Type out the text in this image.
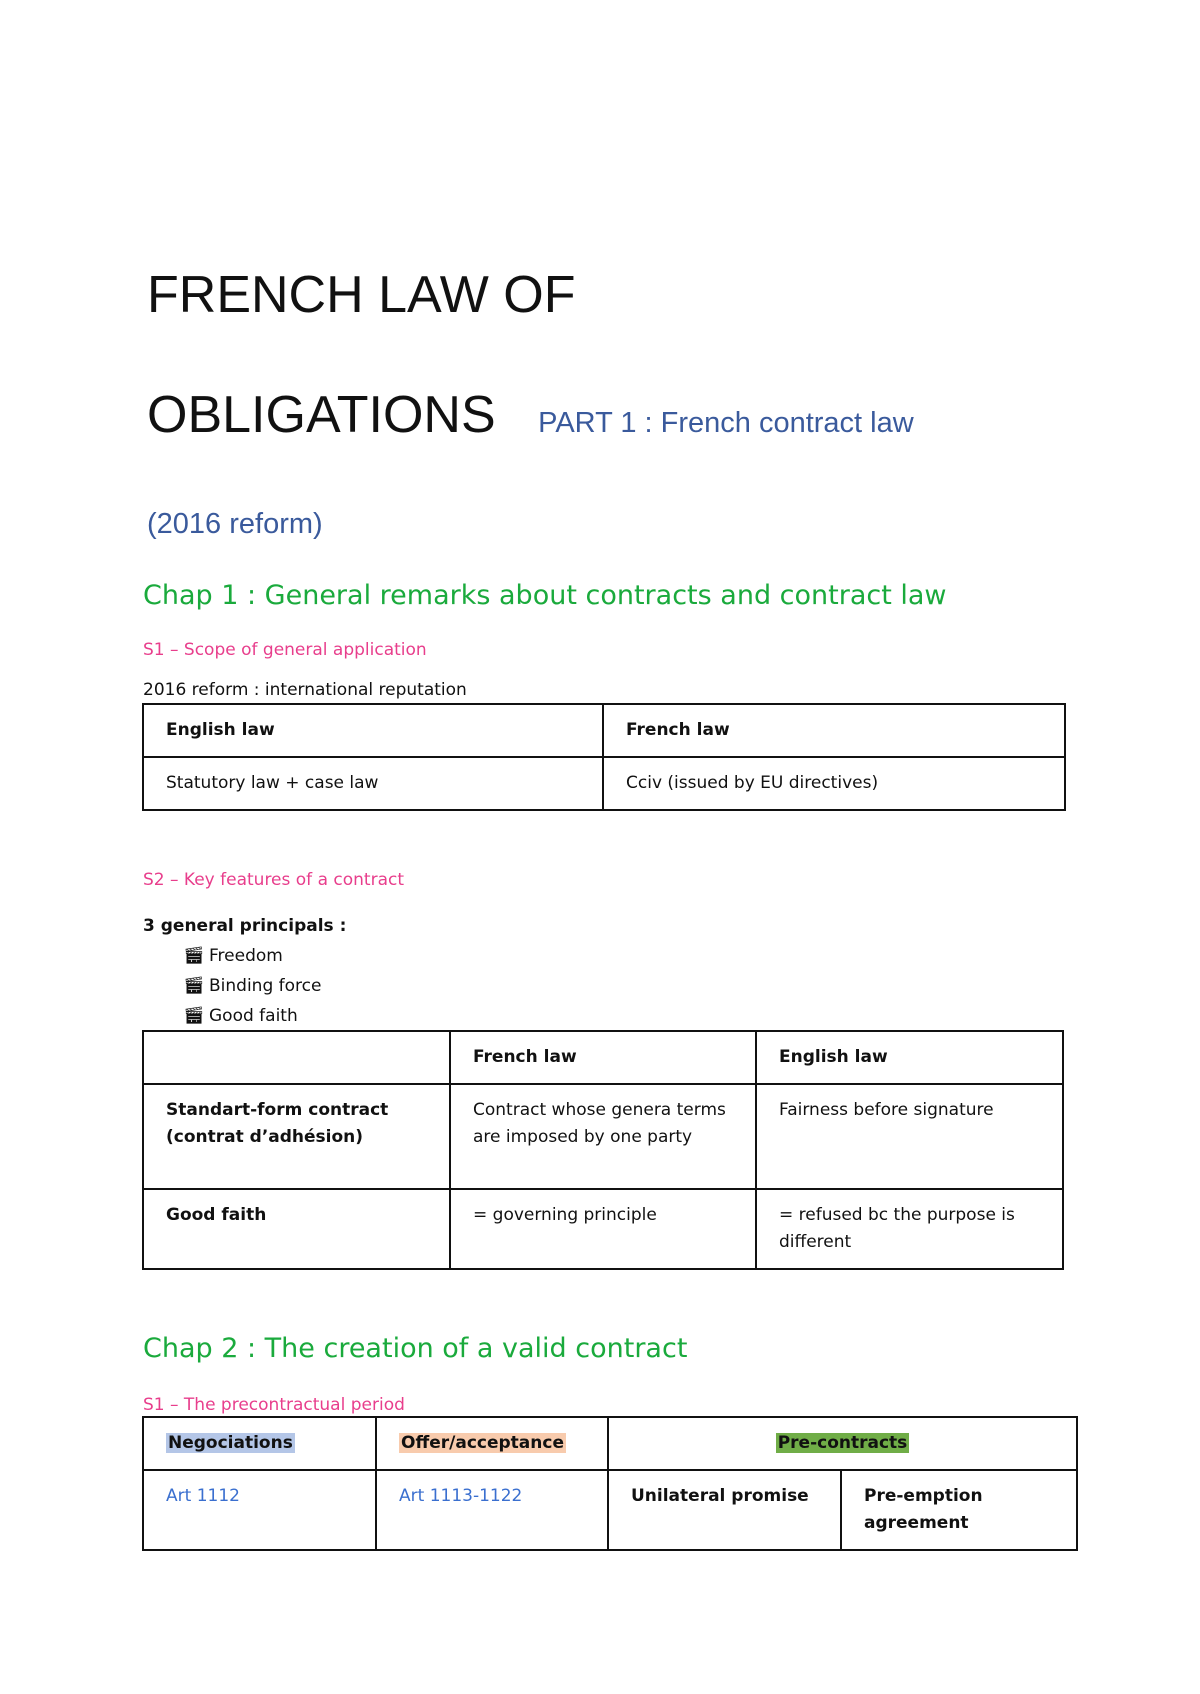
FRENCH LAW OF
OBLIGATIONS PART 1 : French contract law
(2016 reform)
Chap 1 : General remarks about contracts and contract law
S1 – Scope of general application
2016 reform : international reputation
English law	French law
Statutory law + case law	Cciv (issued by EU directives)
S2 – Key features of a contract
3 general principals :
🎬︎ Freedom
🎬︎ Binding force
🎬︎ Good faith
	French law	English law
Standart-form contract (contrat d’adhésion)	Contract whose genera terms are imposed by one party	Fairness before signature
Good faith	= governing principle	= refused bc the purpose is different
Chap 2 : The creation of a valid contract
S1 – The precontractual period
Negociations	Offer/acceptance	Pre-contracts	
Art 1112	Art 1113-1122	Unilateral promise	Pre-emption agreement
